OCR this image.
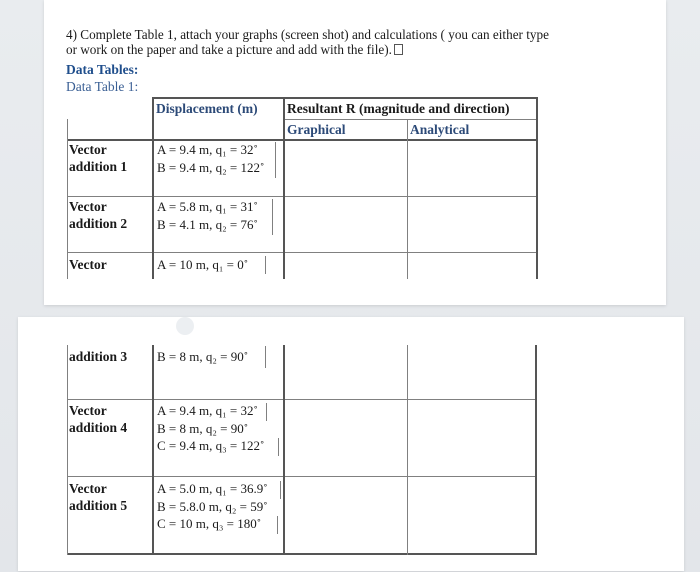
4) Complete Table 1, attach your graphs (screen shot) and calculations ( you can either type
or work on the paper and take a picture and add with the file).
Data Tables:
Data Table 1:
Displacement (m) Resultant R (magnitude and direction)
Graphical	Analytical
Vector
addition 1
A = 9.4 m, q₁ = 32˚
B = 9.4 m, q₂ = 122˚
Vector
addition 2
A = 5.8 m, q₁ = 31˚
B = 4.1 m, q₂ = 76˚
Vector	A = 10 m, q₁ = 0˚
addition 3 B = 8 m, q₂ = 90˚
Vector
addition 4
A = 9.4 m, q₁ = 32˚
B = 8 m, q₂ = 90˚
C = 9.4 m, q₃ = 122˚
Vector
addition 5
A = 5.0 m, q₁ = 36.9˚
B = 5.8.0 m, q₂ = 59˚
C = 10 m, q₃ = 180˚
